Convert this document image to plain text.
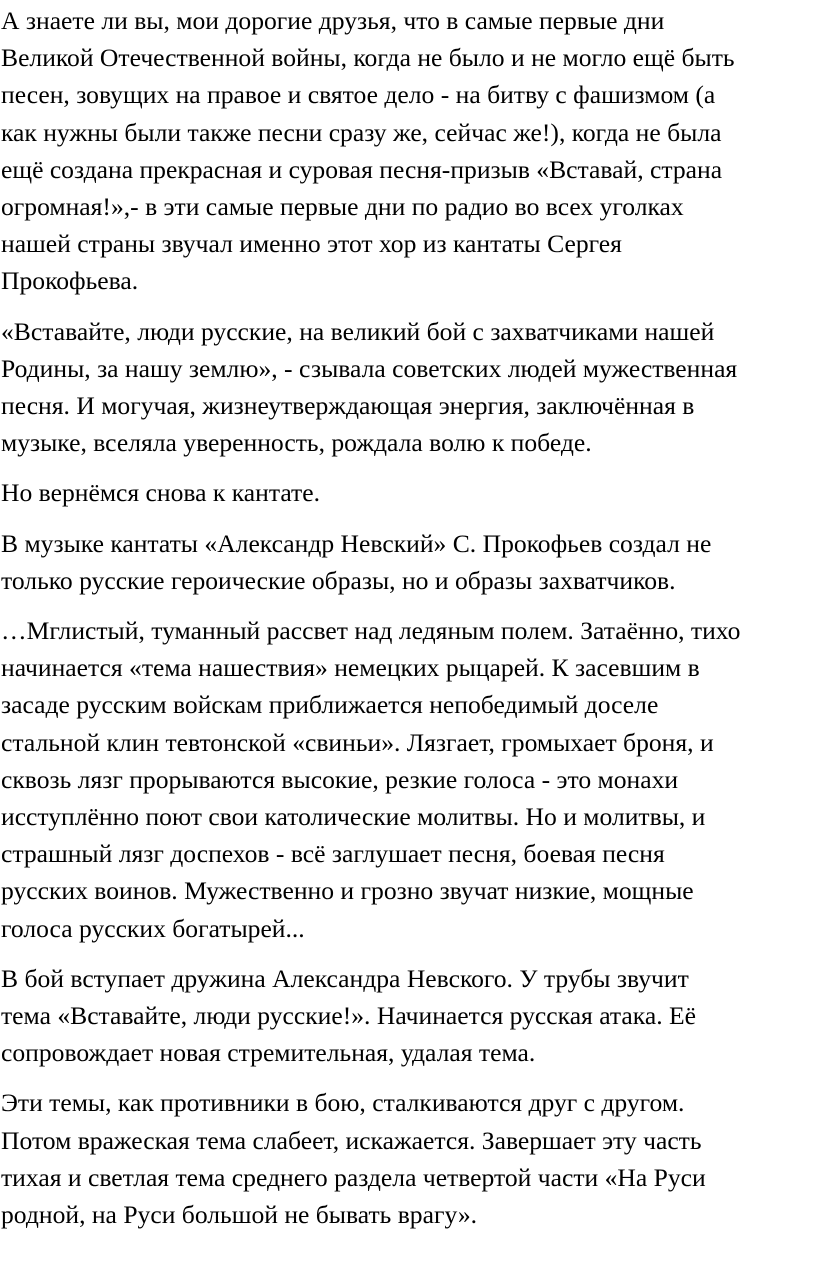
А знаете ли вы, мои дорогие друзья, что в самые первые дни
Великой Отечественной войны, когда не было и не могло ещё быть
песен, зовущих на правое и святое дело - на битву с фашизмом (а
как нужны были также песни сразу же, сейчас же!), когда не была
ещё создана прекрасная и суровая песня-призыв «Вставай, страна
огромная!»,- в эти самые первые дни по радио во всех уголках
нашей страны звучал именно этот хор из кантаты Сергея
Прокофьева.

«Вставайте, люди русские, на великий бой с захватчиками нашей
Родины, за нашу землю», - сзывала советских людей мужественная
песня. И могучая, жизнеутверждающая энергия, заключённая в
музыке, вселяла уверенность, рождала волю к победе.

Но вернёмся снова к кантате.

В музыке кантаты «Александр Невский» С. Прокофьев создал не
только русские героические образы, но и образы захватчиков.

…Мглистый, туманный рассвет над ледяным полем. Затаённо, тихо
начинается «тема нашествия» немецких рыцарей. К засевшим в
засаде русским войскам приближается непобедимый доселе
стальной клин тевтонской «свиньи». Лязгает, громыхает броня, и
сквозь лязг прорываются высокие, резкие голоса - это монахи
исступлённо поют свои католические молитвы. Но и молитвы, и
страшный лязг доспехов - всё заглушает песня, боевая песня
русских воинов. Мужественно и грозно звучат низкие, мощные
голоса русских богатырей...

В бой вступает дружина Александра Невского. У трубы звучит
тема «Вставайте, люди русские!». Начинается русская атака. Её
сопровождает новая стремительная, удалая тема.

Эти темы, как противники в бою, сталкиваются друг с другом.
Потом вражеская тема слабеет, искажается. Завершает эту часть
тихая и светлая тема среднего раздела четвертой части «На Руси
родной, на Руси большой не бывать врагу».
